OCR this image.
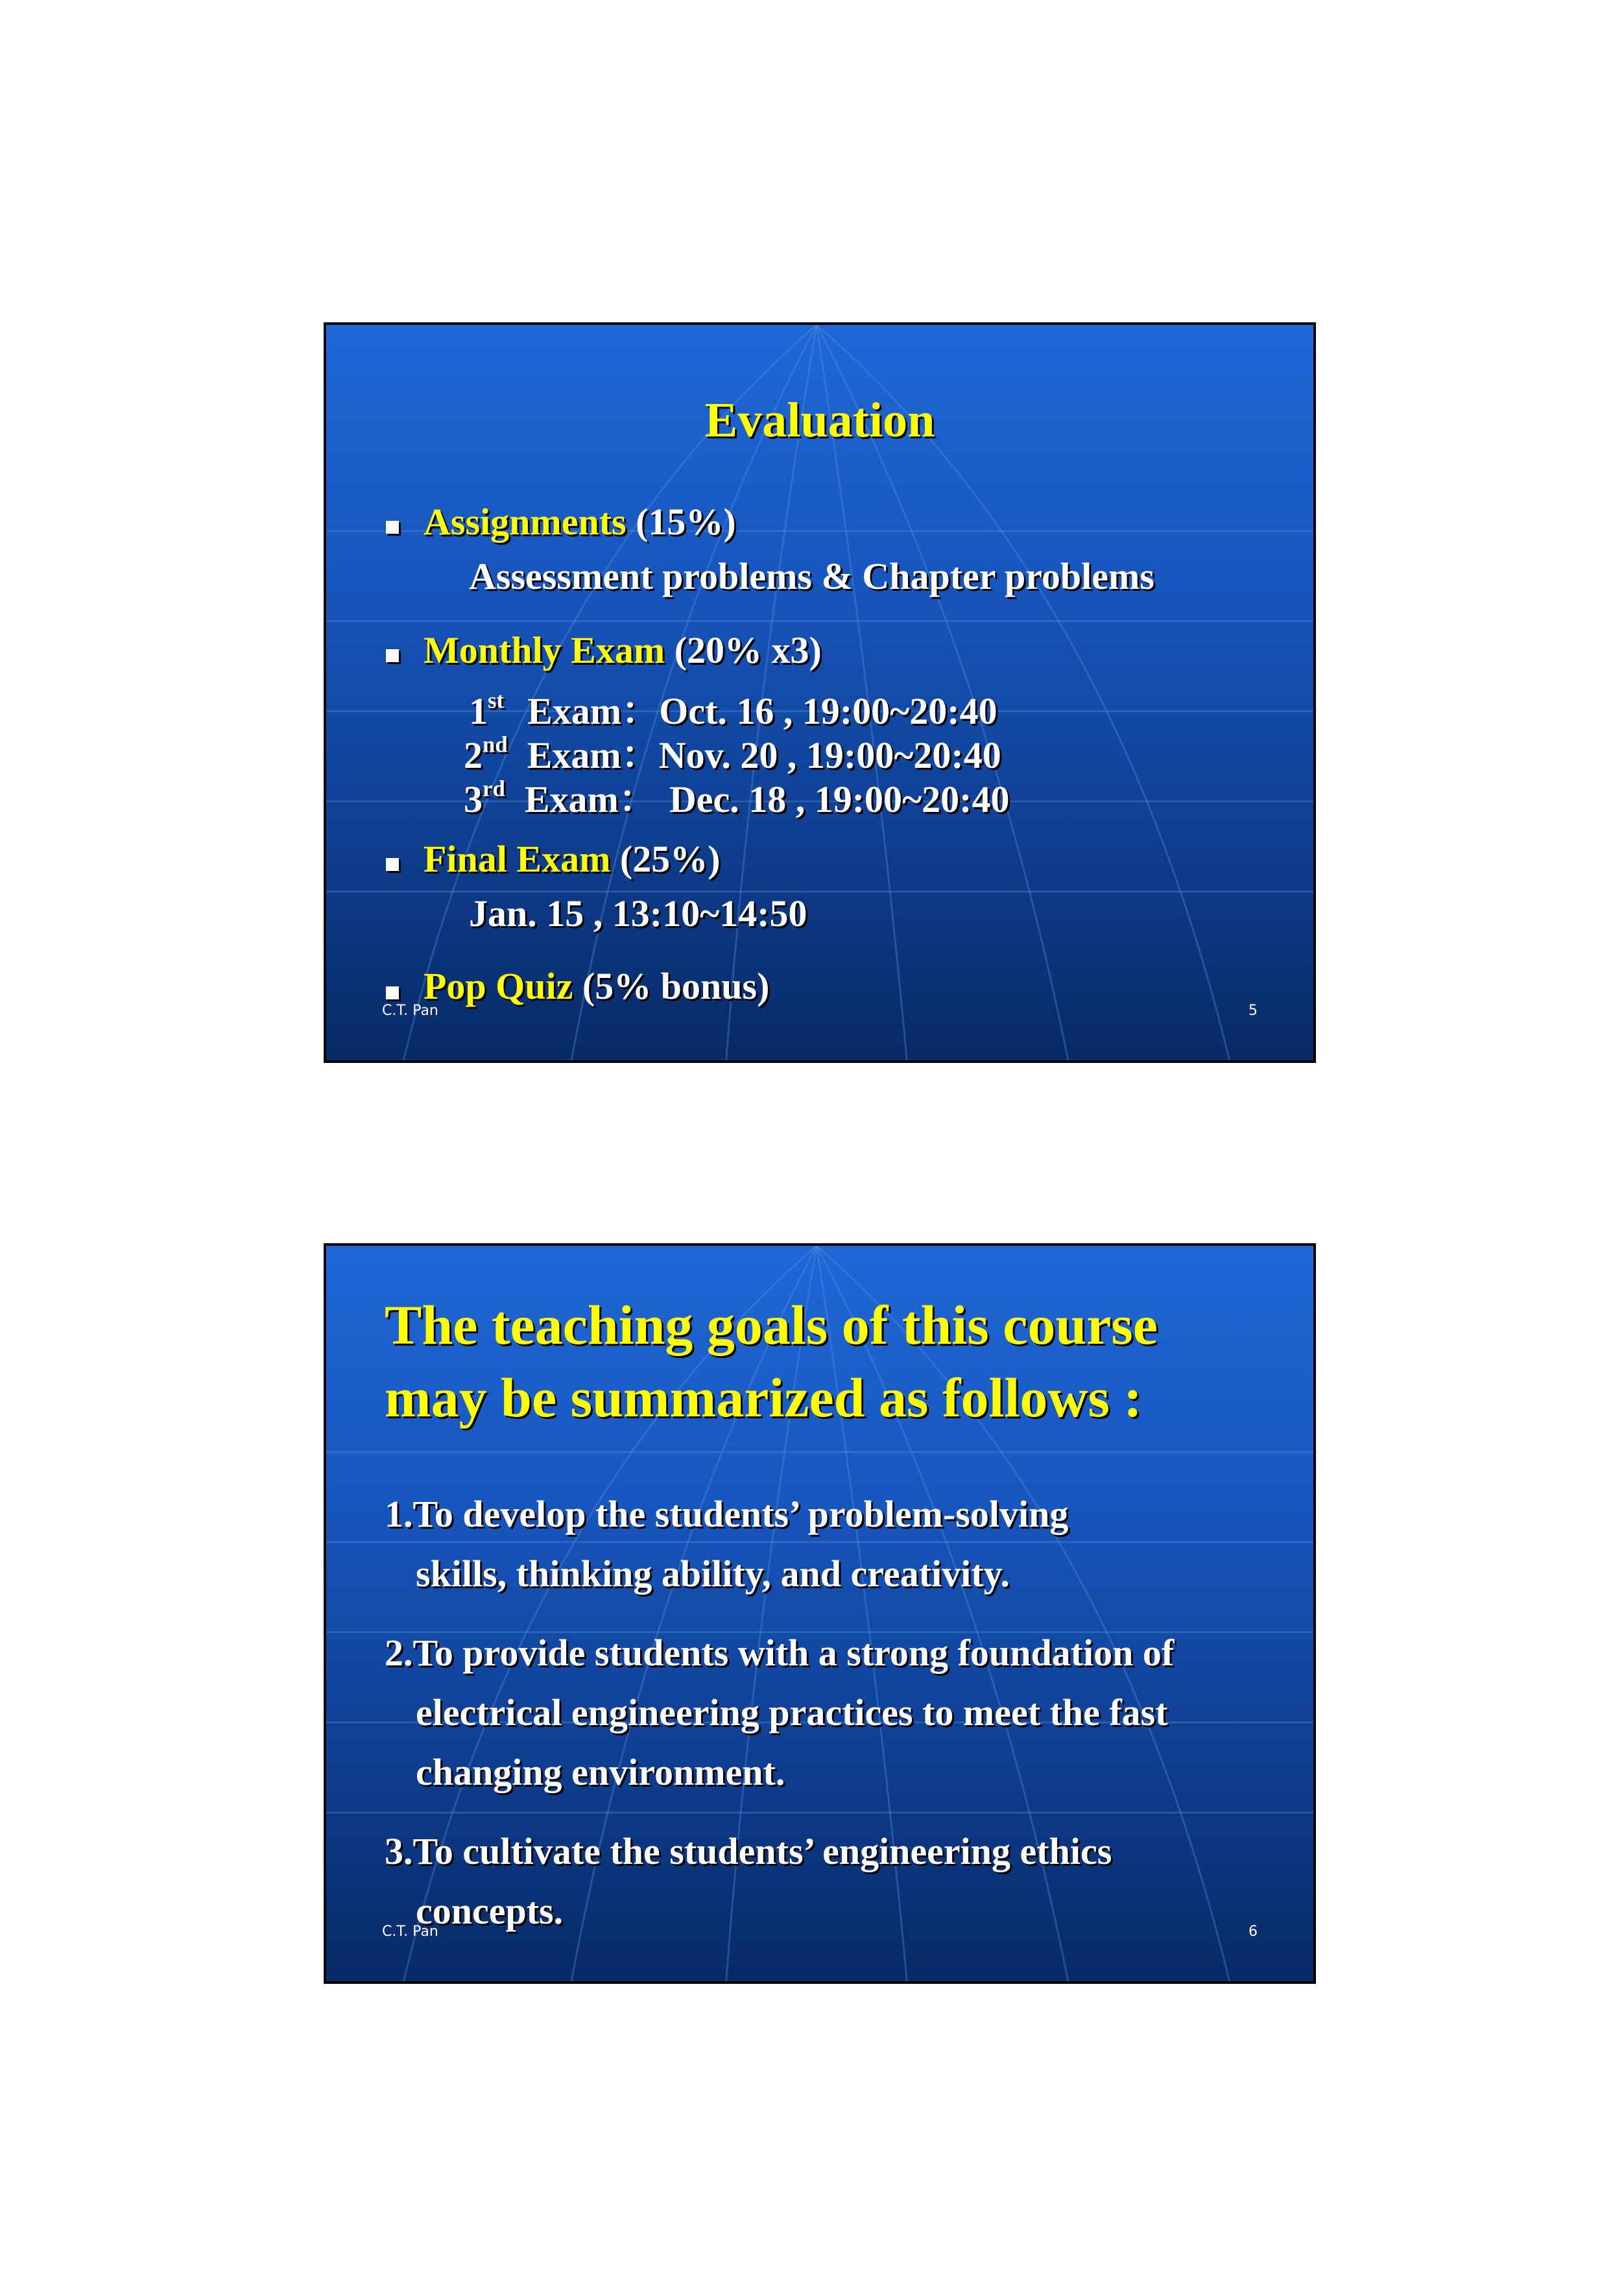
Evaluation
Assignments (15%)
Assessment problems & Chapter problems
Monthly Exam (20% x3)
1st Exam：Oct. 16 , 19:00~20:40
2nd Exam：Nov. 20 , 19:00~20:40
3rd Exam： Dec. 18 , 19:00~20:40
Final Exam (25%)
Jan. 15 , 13:10~14:50
Pop Quiz (5% bonus)
C.T. Pan	5
The teaching goals of this course
may be summarized as follows :
1.To develop the students’ problem-solving
skills, thinking ability, and creativity.
2.To provide students with a strong foundation of
electrical engineering practices to meet the fast
changing environment.
3.To cultivate the students’ engineering ethics
concepts.
C.T. Pan	6
